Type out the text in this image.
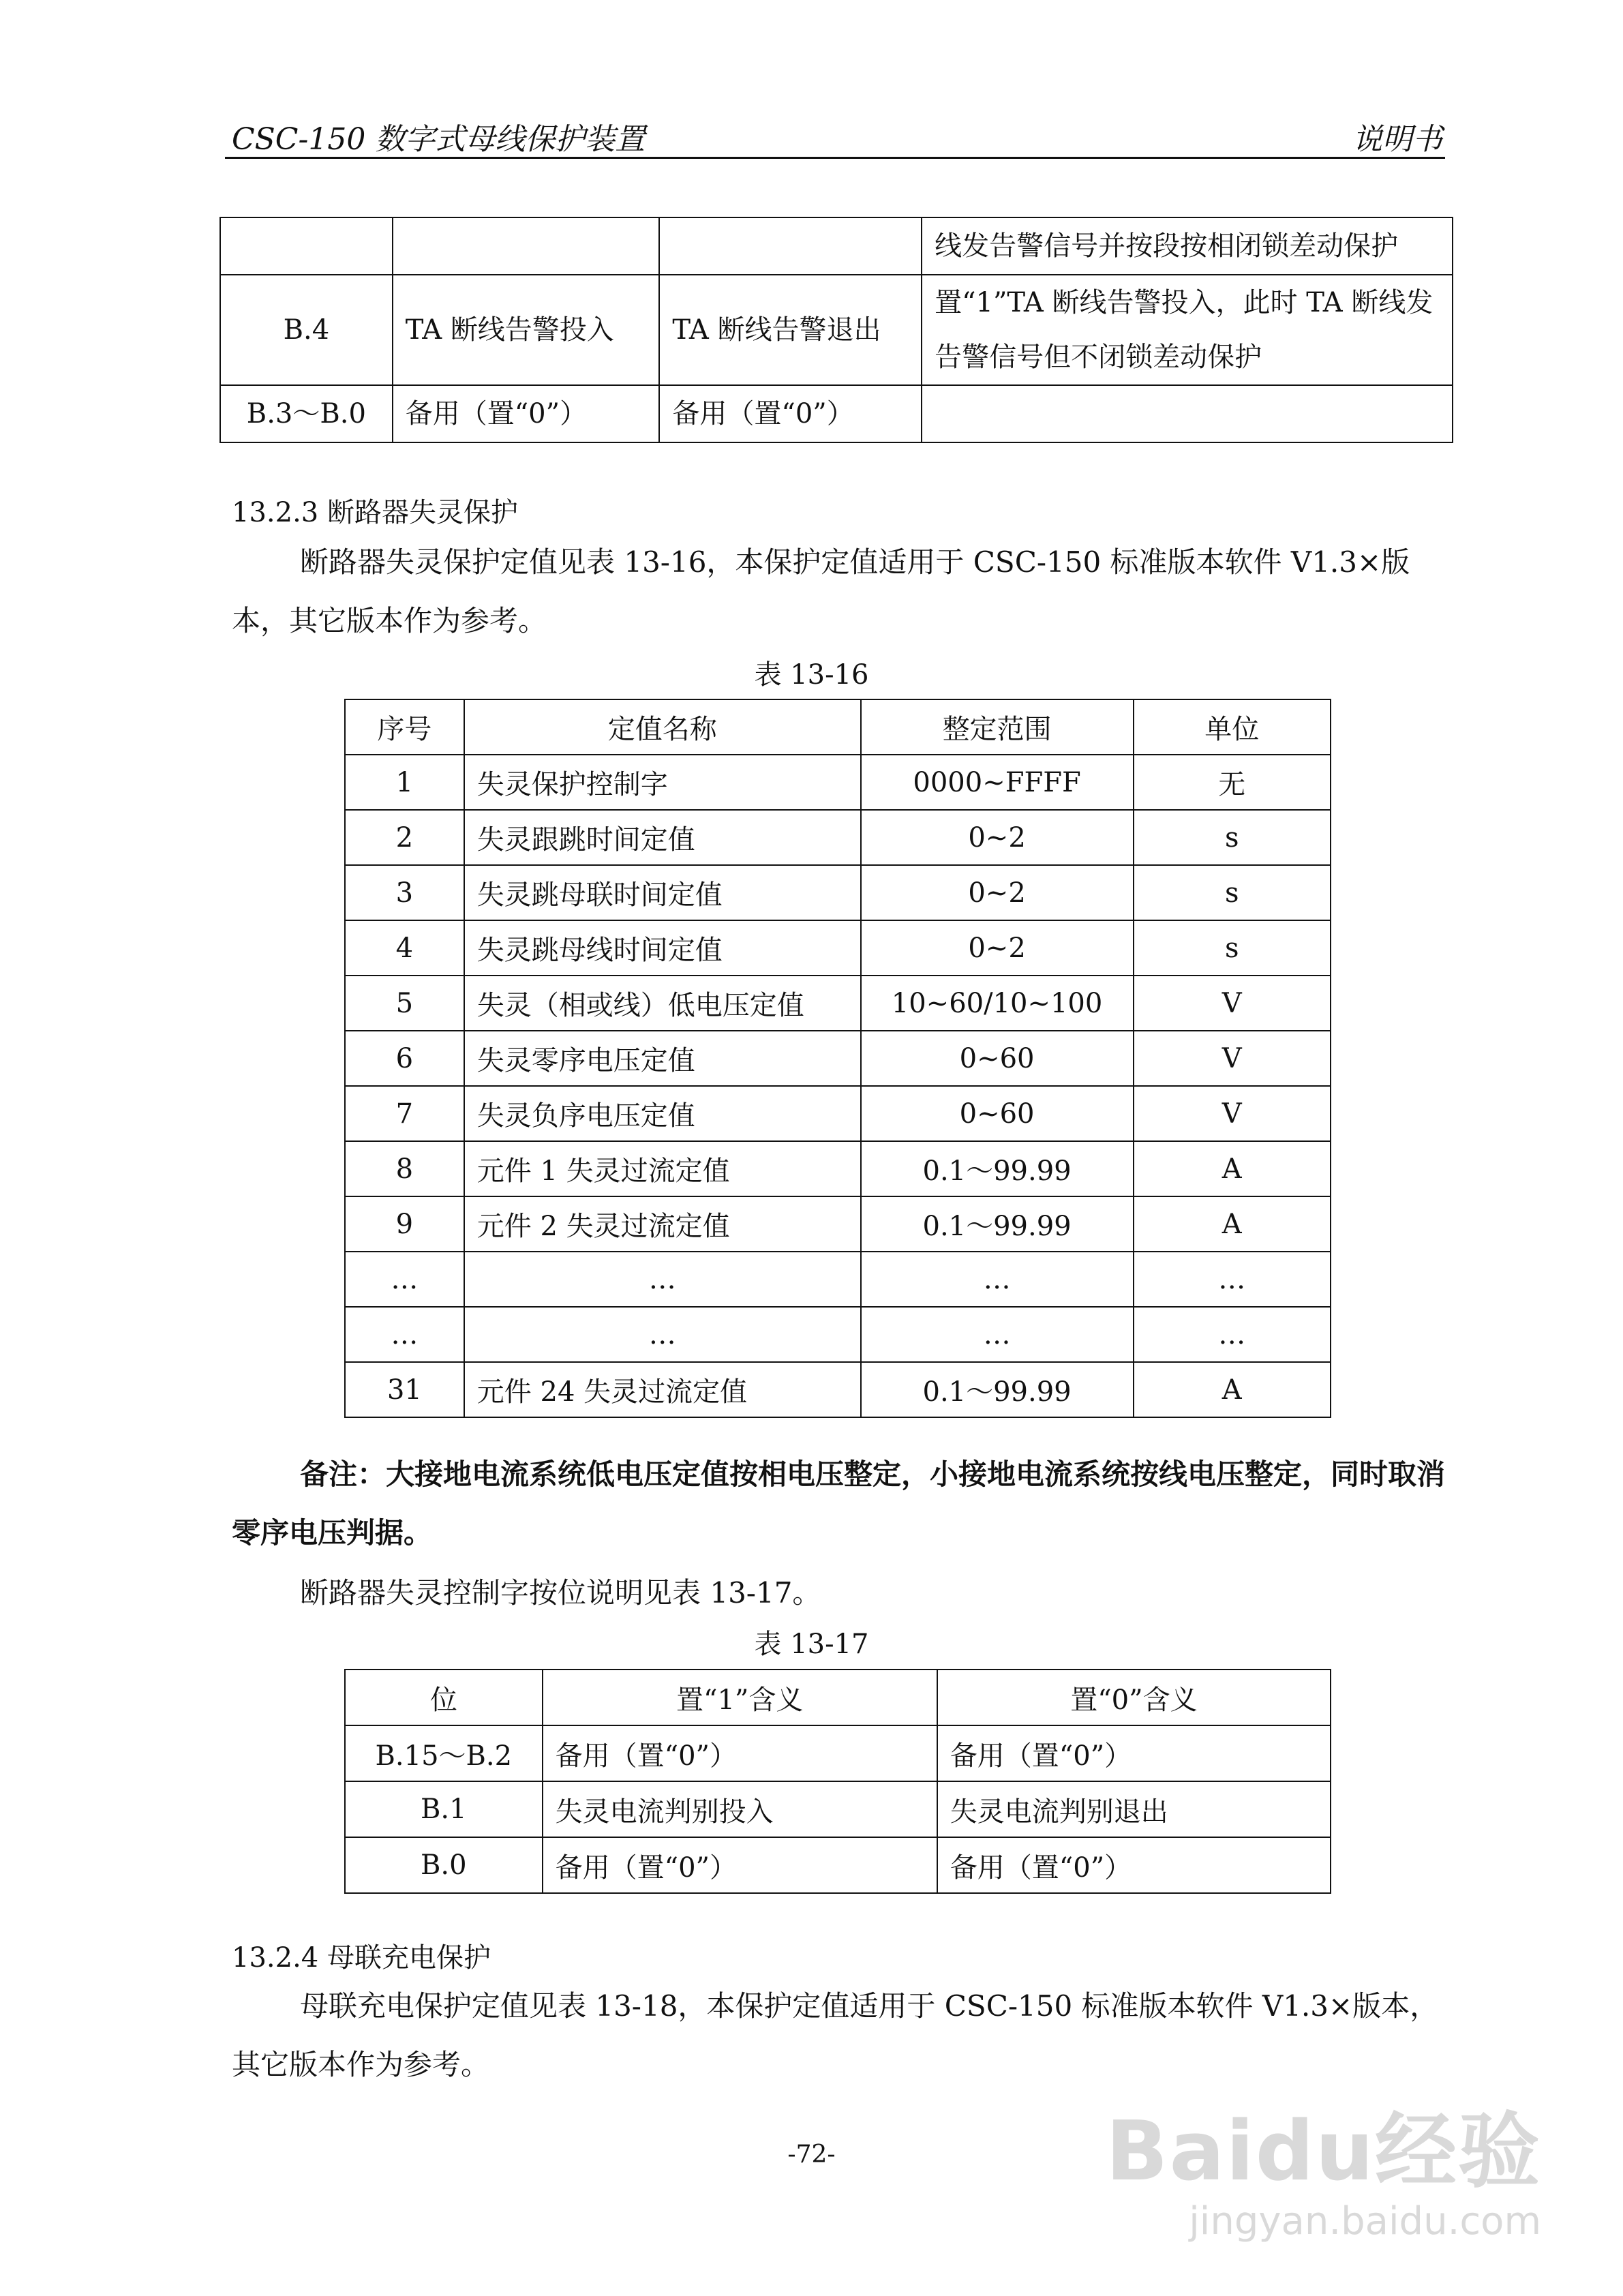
CSC-150 数字式母线保护装置	说明书
			线发告警信号并按段按相闭锁差动保护
B.4	TA 断线告警投入	TA 断线告警退出	置“1”TA 断线告警投入，此时 TA 断线发告警信号但不闭锁差动保护
B.3～B.0	备用（置“0”）	备用（置“0”）	
13.2.3 断路器失灵保护
断路器失灵保护定值见表 13-16，本保护定值适用于 CSC-150 标准版本软件 V1.3×版本，其它版本作为参考。
表 13-16
序号	定值名称	整定范围	单位
1	失灵保护控制字	0000~FFFF	无
2	失灵跟跳时间定值	0~2	s
3	失灵跳母联时间定值	0~2	s
4	失灵跳母线时间定值	0~2	s
5	失灵（相或线）低电压定值	10~60/10~100	V
6	失灵零序电压定值	0~60	V
7	失灵负序电压定值	0~60	V
8	元件 1 失灵过流定值	0.1～99.99	A
9	元件 2 失灵过流定值	0.1～99.99	A
…	…	…	…
…	…	…	…
31	元件 24 失灵过流定值	0.1～99.99	A
备注：大接地电流系统低电压定值按相电压整定，小接地电流系统按线电压整定，同时取消零序电压判据。
断路器失灵控制字按位说明见表 13-17。
表 13-17
位	置“1”含义	置“0”含义
B.15～B.2	备用（置“0”）	备用（置“0”）
B.1	失灵电流判别投入	失灵电流判别退出
B.0	备用（置“0”）	备用（置“0”）
13.2.4 母联充电保护
母联充电保护定值见表 13-18，本保护定值适用于 CSC-150 标准版本软件 V1.3×版本，其它版本作为参考。
-72-	Baidu经验
jingyan.baidu.com
